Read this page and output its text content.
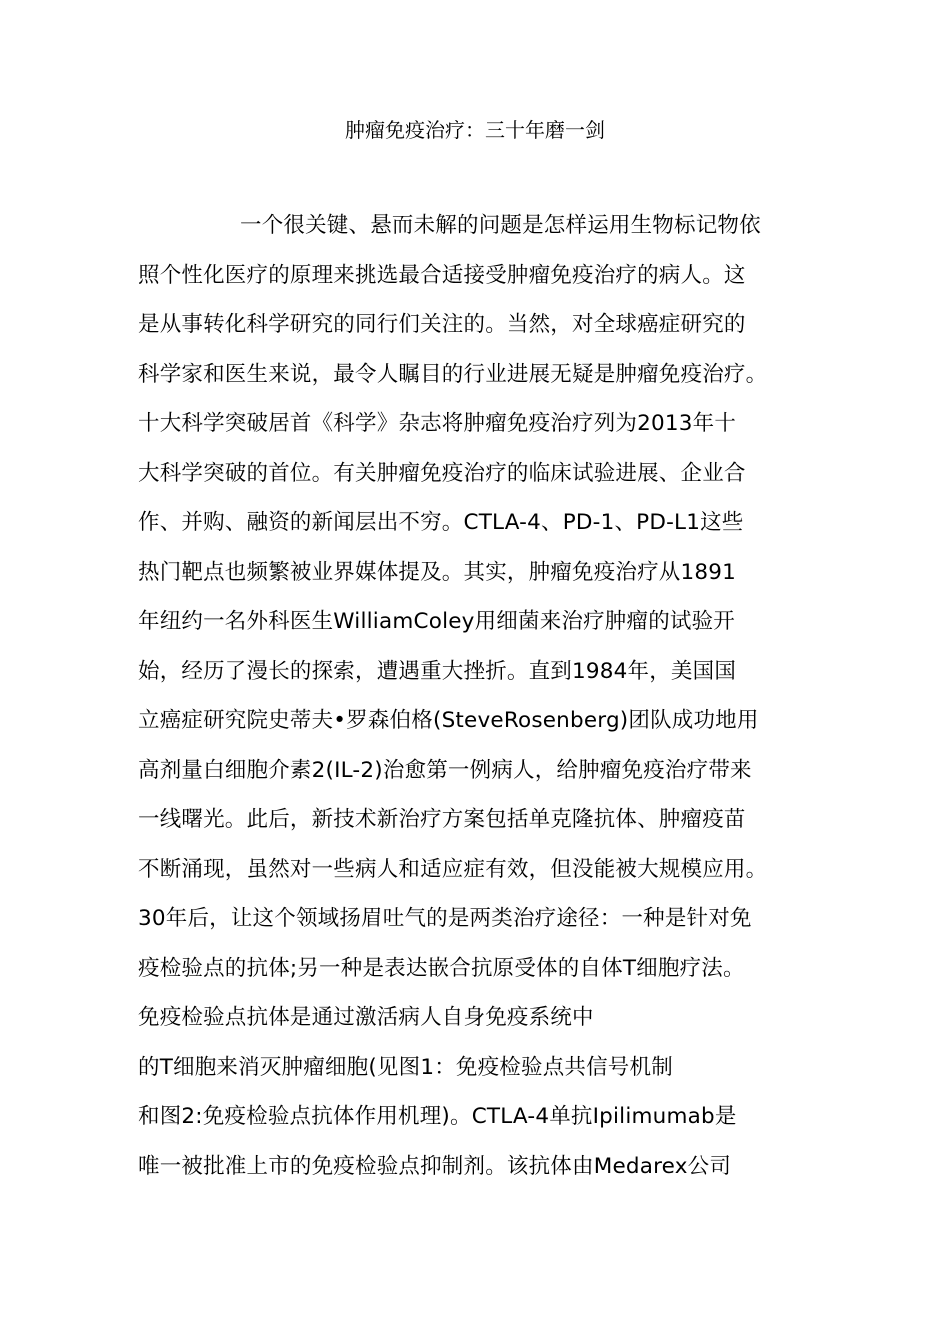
肿瘤免疫治疗：三十年磨一剑
一个很关键、悬而未解的问题是怎样运用生物标记物依
照个性化医疗的原理来挑选最合适接受肿瘤免疫治疗的病人。这
是从事转化科学研究的同行们关注的。当然，对全球癌症研究的
科学家和医生来说，最令人瞩目的行业进展无疑是肿瘤免疫治疗。
十大科学突破居首《科学》杂志将肿瘤免疫治疗列为2013年十
大科学突破的首位。有关肿瘤免疫治疗的临床试验进展、企业合
作、并购、融资的新闻层出不穷。CTLA-4、PD-1、PD-L1这些
热门靶点也频繁被业界媒体提及。其实，肿瘤免疫治疗从1891
年纽约一名外科医生WilliamColey用细菌来治疗肿瘤的试验开
始，经历了漫长的探索，遭遇重大挫折。直到1984年，美国国
立癌症研究院史蒂夫•罗森伯格(SteveRosenberg)团队成功地用
高剂量白细胞介素2(IL-2)治愈第一例病人，给肿瘤免疫治疗带来
一线曙光。此后，新技术新治疗方案包括单克隆抗体、肿瘤疫苗
不断涌现，虽然对一些病人和适应症有效，但没能被大规模应用。
30年后，让这个领域扬眉吐气的是两类治疗途径：一种是针对免
疫检验点的抗体;另一种是表达嵌合抗原受体的自体T细胞疗法。
免疫检验点抗体是通过激活病人自身免疫系统中
的T细胞来消灭肿瘤细胞(见图1：免疫检验点共信号机制
和图2:免疫检验点抗体作用机理)。CTLA-4单抗Ipilimumab是
唯一被批准上市的免疫检验点抑制剂。该抗体由Medarex公司
